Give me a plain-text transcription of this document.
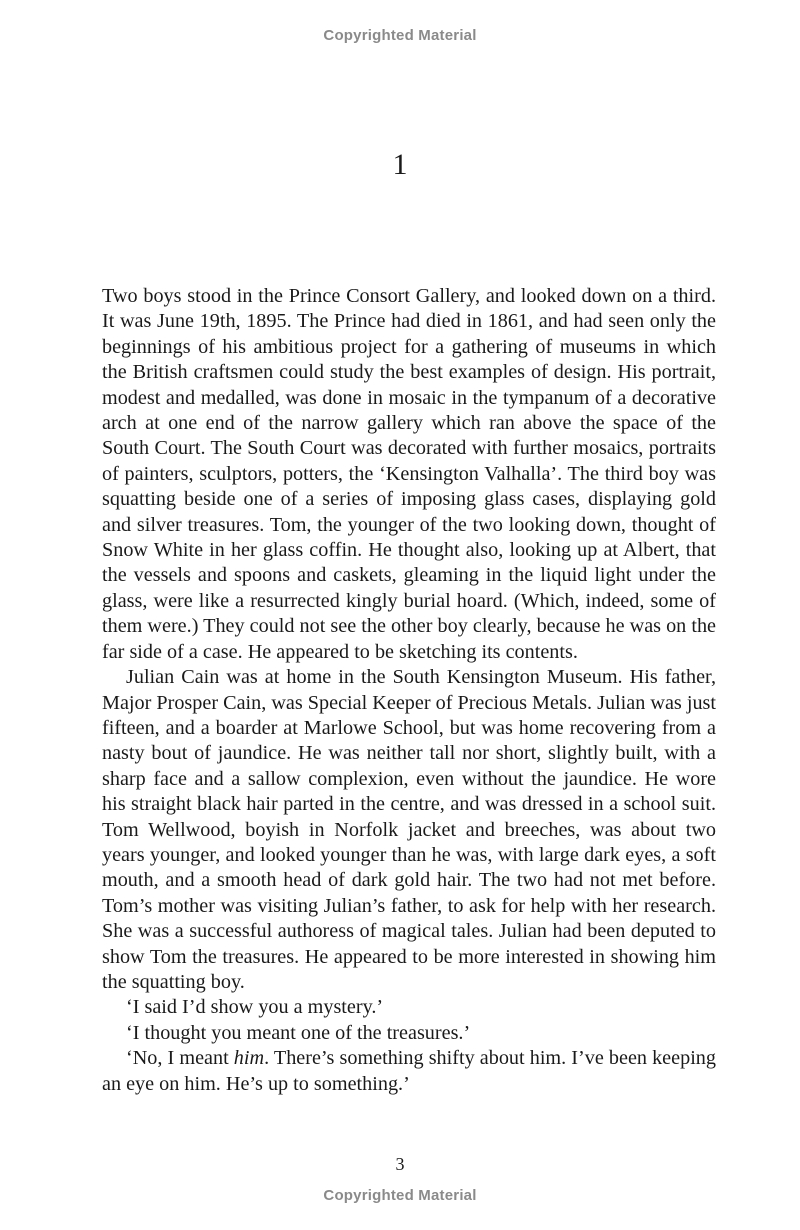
Copyrighted Material
1

Two boys stood in the Prince Consort Gallery, and looked down on a third. It was June 19th, 1895. The Prince had died in 1861, and had seen only the beginnings of his ambitious project for a gathering of museums in which the British craftsmen could study the best examples of design. His portrait, modest and medalled, was done in mosaic in the tympanum of a decorative arch at one end of the narrow gallery which ran above the space of the South Court. The South Court was decorated with further mosaics, portraits of painters, sculptors, potters, the ‘Kensington Valhalla’. The third boy was squatting beside one of a series of imposing glass cases, displaying gold and silver treasures. Tom, the younger of the two looking down, thought of Snow White in her glass coffin. He thought also, looking up at Albert, that the vessels and spoons and caskets, gleaming in the liquid light under the glass, were like a resurrected kingly burial hoard. (Which, indeed, some of them were.) They could not see the other boy clearly, because he was on the far side of a case. He appeared to be sketching its contents.

Julian Cain was at home in the South Kensington Museum. His father, Major Prosper Cain, was Special Keeper of Precious Metals. Julian was just fifteen, and a boarder at Marlowe School, but was home recovering from a nasty bout of jaundice. He was neither tall nor short, slightly built, with a sharp face and a sallow complexion, even without the jaundice. He wore his straight black hair parted in the centre, and was dressed in a school suit. Tom Wellwood, boyish in Norfolk jacket and breeches, was about two years younger, and looked younger than he was, with large dark eyes, a soft mouth, and a smooth head of dark gold hair. The two had not met before. Tom’s mother was visiting Julian’s father, to ask for help with her research. She was a successful authoress of magical tales. Julian had been deputed to show Tom the treasures. He appeared to be more interested in showing him the squatting boy.

‘I said I’d show you a mystery.’

‘I thought you meant one of the treasures.’

‘No, I meant him. There’s something shifty about him. I’ve been keeping an eye on him. He’s up to something.’

3
Copyrighted Material
